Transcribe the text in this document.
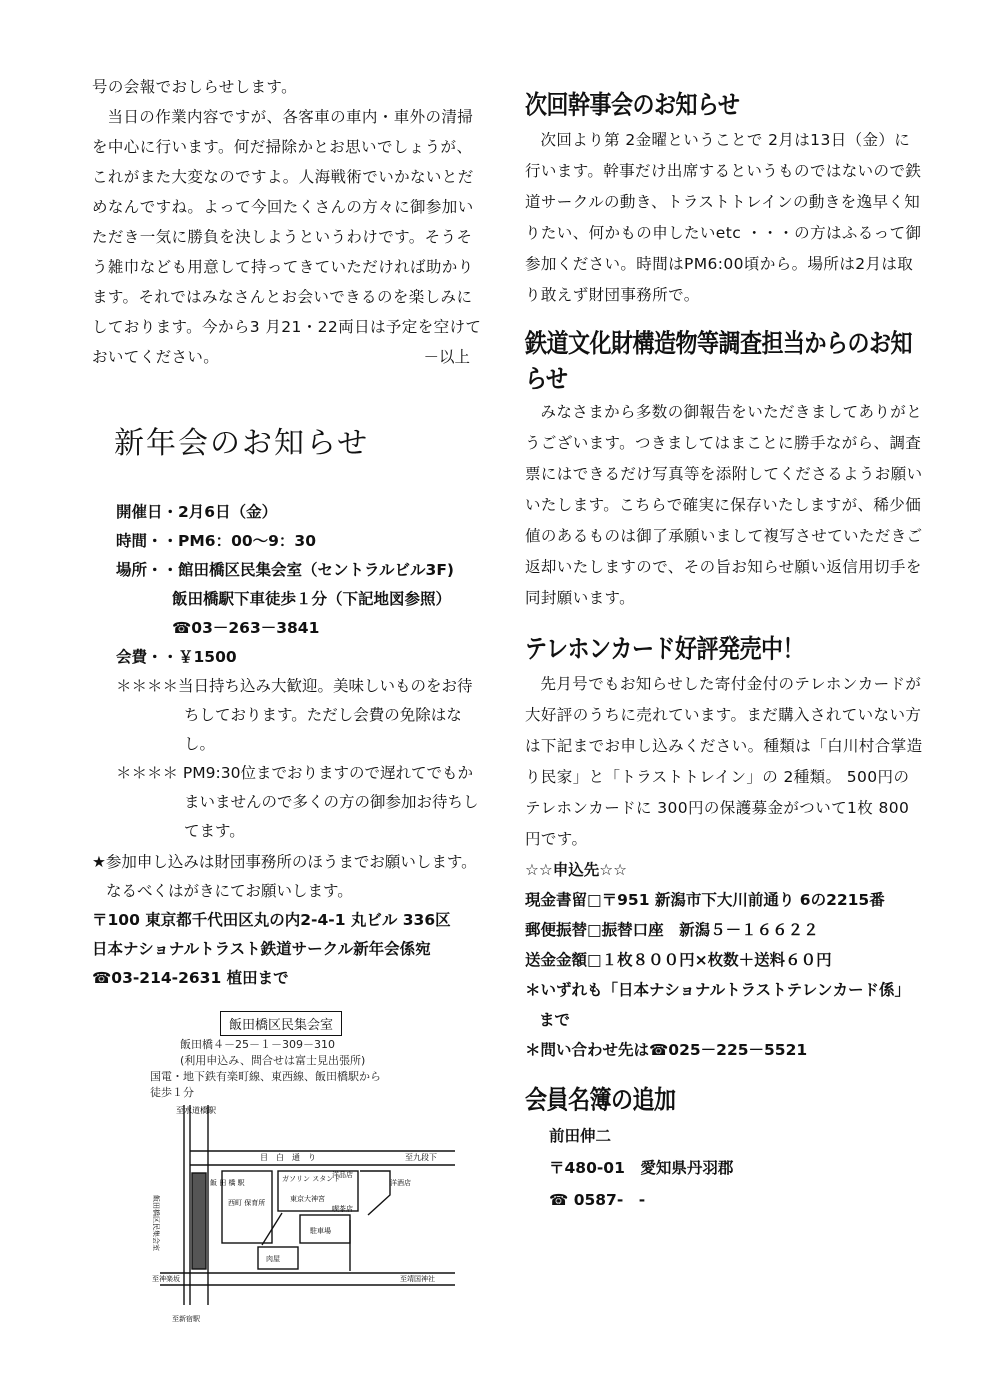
号の会報でおしらせします。

当日の作業内容ですが、各客車の車内・車外の清掃を中心に行います。何だ掃除かとお思いでしょうが、これがまた大変なのですよ。人海戦術でいかないとだめなんですね。よって今回たくさんの方々に御参加いただき一気に勝負を決しようというわけです。そうそう雑巾なども用意して持ってきていただければ助かります。それではみなさんとお会いできるのを楽しみにしております。今から3 月21・22両日は予定を空けておいてください。	－以上

新年会のお知らせ

開催日・2月6日（金）

時間・・PM6：00～9：30

場所・・館田橋区民集会室（セントラルビル3F)

飯田橋駅下車徒歩１分（下記地図参照）

☎03－263－3841

会費・・￥1500

＊＊＊＊当日持ち込み大歓迎。美味しいものをお待ちしております。ただし会費の免除はなし。

＊＊＊＊ PM9:30位までおりますので遅れてでもかまいませんので多くの方の御参加お待ちしてます。

★参加申し込みは財団事務所のほうまでお願いします。なるべくはがきにてお願いします。

〒100 東京都千代田区丸の内2-4-1 丸ビル 336区

日本ナショナルトラスト鉄道サークル新年会係宛

☎03-214-2631 植田まで

飯田橋区民集会室
飯田橋４－25－１－309－310
(利用申込み、問合せは富士見出張所)
国電・地下鉄有楽町線、東西線、飯田橋駅から
徒歩１分
至水道橋駅
目　白　通　り	至九段下
ガソリン スタンド
洋品店
洋酒店
東京大神宮
西町 保育所
喫茶店
駐車場
肉屋
飯 田 橋 駅
飯田橋区民集会室
セントラルプラザ
至神楽坂	至靖国神社
至新宿駅
次回幹事会のお知らせ

次回より第 2金曜ということで 2月は13日（金）に行います。幹事だけ出席するというものではないので鉄道サークルの動き、トラストトレインの動きを逸早く知りたい、何かもの申したいetc ・・・の方はふるって御参加ください。時間はPM6:00頃から。場所は2月は取り敢えず財団事務所で。

鉄道文化財構造物等調査担当からのお知らせ

みなさまから多数の御報告をいただきましてありがとうございます。つきましてはまことに勝手ながら、調査票にはできるだけ写真等を添附してくださるようお願いいたします。こちらで確実に保存いたしますが、稀少価値のあるものは御了承願いまして複写させていただきご返却いたしますので、その旨お知らせ願い返信用切手を同封願います。

テレホンカード好評発売中！

先月号でもお知らせした寄付金付のテレホンカードが大好評のうちに売れています。まだ購入されていない方は下記までお申し込みください。種類は「白川村合掌造り民家」と「トラストトレイン」の 2種類。 500円のテレホンカードに 300円の保護募金がついて1枚 800円です。

☆☆申込先☆☆

現金書留□〒951 新潟市下大川前通り 6の2215番

郵便振替□振替口座　新潟５－１６６２２

送金金額□１枚８００円×枚数＋送料６０円

＊いずれも「日本ナショナルトラストテレンカード係」まで

＊問い合わせ先は☎025－225－5521

会員名簿の追加

前田伸二

〒480-01　愛知県丹羽郡

☎ 0587-　-
